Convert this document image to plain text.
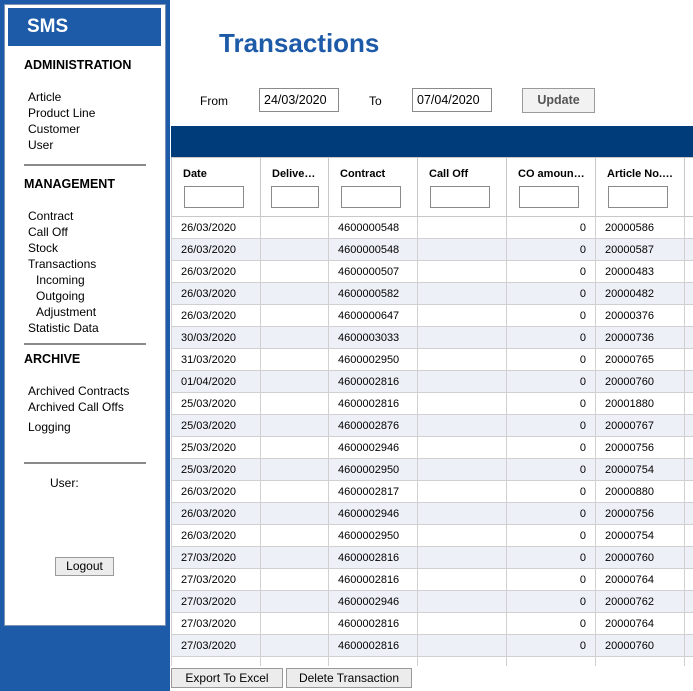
SMS
ADMINISTRATION
Article
Product Line
Customer
User
MANAGEMENT
Contract
Call Off
Stock
Transactions
Incoming
Outgoing
Adjustment
Statistic Data
ARCHIVE
Archived Contracts
Archived Call Offs
Logging
User:
Logout
Transactions
From
24/03/2020	To
07/04/2020	Update
Date	Delive…	Contract	Call Off	CO amoun…	Article No.…	

26/03/2020		4600000548		0	20000586	
26/03/2020		4600000548		0	20000587	
26/03/2020		4600000507		0	20000483	
26/03/2020		4600000582		0	20000482	
26/03/2020		4600000647		0	20000376	
30/03/2020		4600003033		0	20000736	
31/03/2020		4600002950		0	20000765	
01/04/2020		4600002816		0	20000760	
25/03/2020		4600002816		0	20001880	
25/03/2020		4600002876		0	20000767	
25/03/2020		4600002946		0	20000756	
25/03/2020		4600002950		0	20000754	
26/03/2020		4600002817		0	20000880	
26/03/2020		4600002946		0	20000756	
26/03/2020		4600002950		0	20000754	
27/03/2020		4600002816		0	20000760	
27/03/2020		4600002816		0	20000764	
27/03/2020		4600002946		0	20000762	
27/03/2020		4600002816		0	20000764	
27/03/2020		4600002816		0	20000760	

Export To Excel	Delete Transaction
